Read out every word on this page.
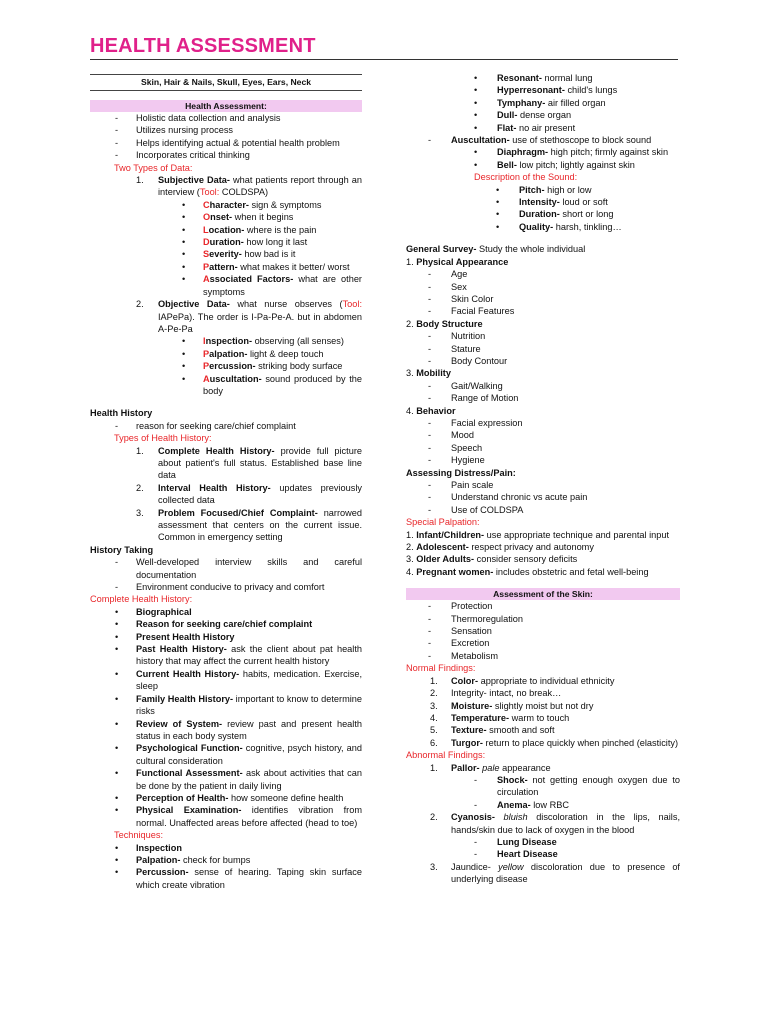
HEALTH ASSESSMENT
Skin, Hair & Nails, Skull, Eyes, Ears, Neck
Health Assessment:
-	Holistic data collection and analysis
-	Utilizes nursing process
-	Helps identifying actual & potential health problem
-	Incorporates critical thinking
Two Types of Data:
1.	Subjective Data- what patients report through an interview (Tool: COLDSPA)
•	Character- sign & symptoms
•	Onset- when it begins
•	Location- where is the pain
•	Duration- how long it last
•	Severity- how bad is it
•	Pattern- what makes it better/ worst
•	Associated Factors- what are other symptoms
2.	Objective Data- what nurse observes (Tool: IAPePa). The order is I-Pa-Pe-A. but in abdomen A-Pe-Pa
•	Inspection- observing (all senses)
•	Palpation- light & deep touch
•	Percussion- striking body surface
•	Auscultation- sound produced by the body
Health History
-	reason for seeking care/chief complaint
Types of Health History:
1.	Complete Health History- provide full picture about patient's full status. Established base line data
2.	Interval Health History- updates previously collected data
3.	Problem Focused/Chief Complaint- narrowed assessment that centers on the current issue. Common in emergency setting
History Taking
-	Well-developed interview skills and careful documentation
-	Environment conducive to privacy and comfort
Complete Health History:
•	Biographical
•	Reason for seeking care/chief complaint
•	Present Health History
•	Past Health History- ask the client about pat health history that may affect the current health history
•	Current Health History- habits, medication. Exercise, sleep
•	Family Health History- important to know to determine risks
•	Review of System- review past and present health status in each body system
•	Psychological Function- cognitive, psych history, and cultural consideration
•	Functional Assessment- ask about activities that can be done by the patient in daily living
•	Perception of Health- how someone define health
•	Physical Examination- identifies vibration from normal. Unaffected areas before affected (head to toe)
Techniques:
•	Inspection
•	Palpation- check for bumps
•	Percussion- sense of hearing. Taping skin surface which create vibration
•	Resonant- normal lung
•	Hyperresonant- child's lungs
•	Tymphany- air filled organ
•	Dull- dense organ
•	Flat- no air present
-	Auscultation- use of stethoscope to block sound
•	Diaphragm- high pitch; firmly against skin
•	Bell- low pitch; lightly against skin
Description of the Sound:
•	Pitch- high or low
•	Intensity- loud or soft
•	Duration- short or long
•	Quality- harsh, tinkling…
General Survey- Study the whole individual
1. Physical Appearance
-	Age
-	Sex
-	Skin Color
-	Facial Features
2. Body Structure
-	Nutrition
-	Stature
-	Body Contour
3. Mobility
-	Gait/Walking
-	Range of Motion
4. Behavior
-	Facial expression
-	Mood
-	Speech
-	Hygiene
Assessing Distress/Pain:
-	Pain scale
-	Understand chronic vs acute pain
-	Use of COLDSPA
Special Palpation:
1. Infant/Children- use appropriate technique and parental input
2. Adolescent- respect privacy and autonomy
3. Older Adults- consider sensory deficits
4. Pregnant women- includes obstetric and fetal well-being
Assessment of the Skin:
-	Protection
-	Thermoregulation
-	Sensation
-	Excretion
-	Metabolism
Normal Findings:
1.	Color- appropriate to individual ethnicity
2.	Integrity- intact, no break…
3.	Moisture- slightly moist but not dry
4.	Temperature- warm to touch
5.	Texture- smooth and soft
6.	Turgor- return to place quickly when pinched (elasticity)
Abnormal Findings:
1.	Pallor- pale appearance
-	Shock- not getting enough oxygen due to circulation
-	Anema- low RBC
2.	Cyanosis- bluish discoloration in the lips, nails, hands/skin due to lack of oxygen in the blood
-	Lung Disease
-	Heart Disease
3.	Jaundice- yellow discoloration due to presence of underlying disease
